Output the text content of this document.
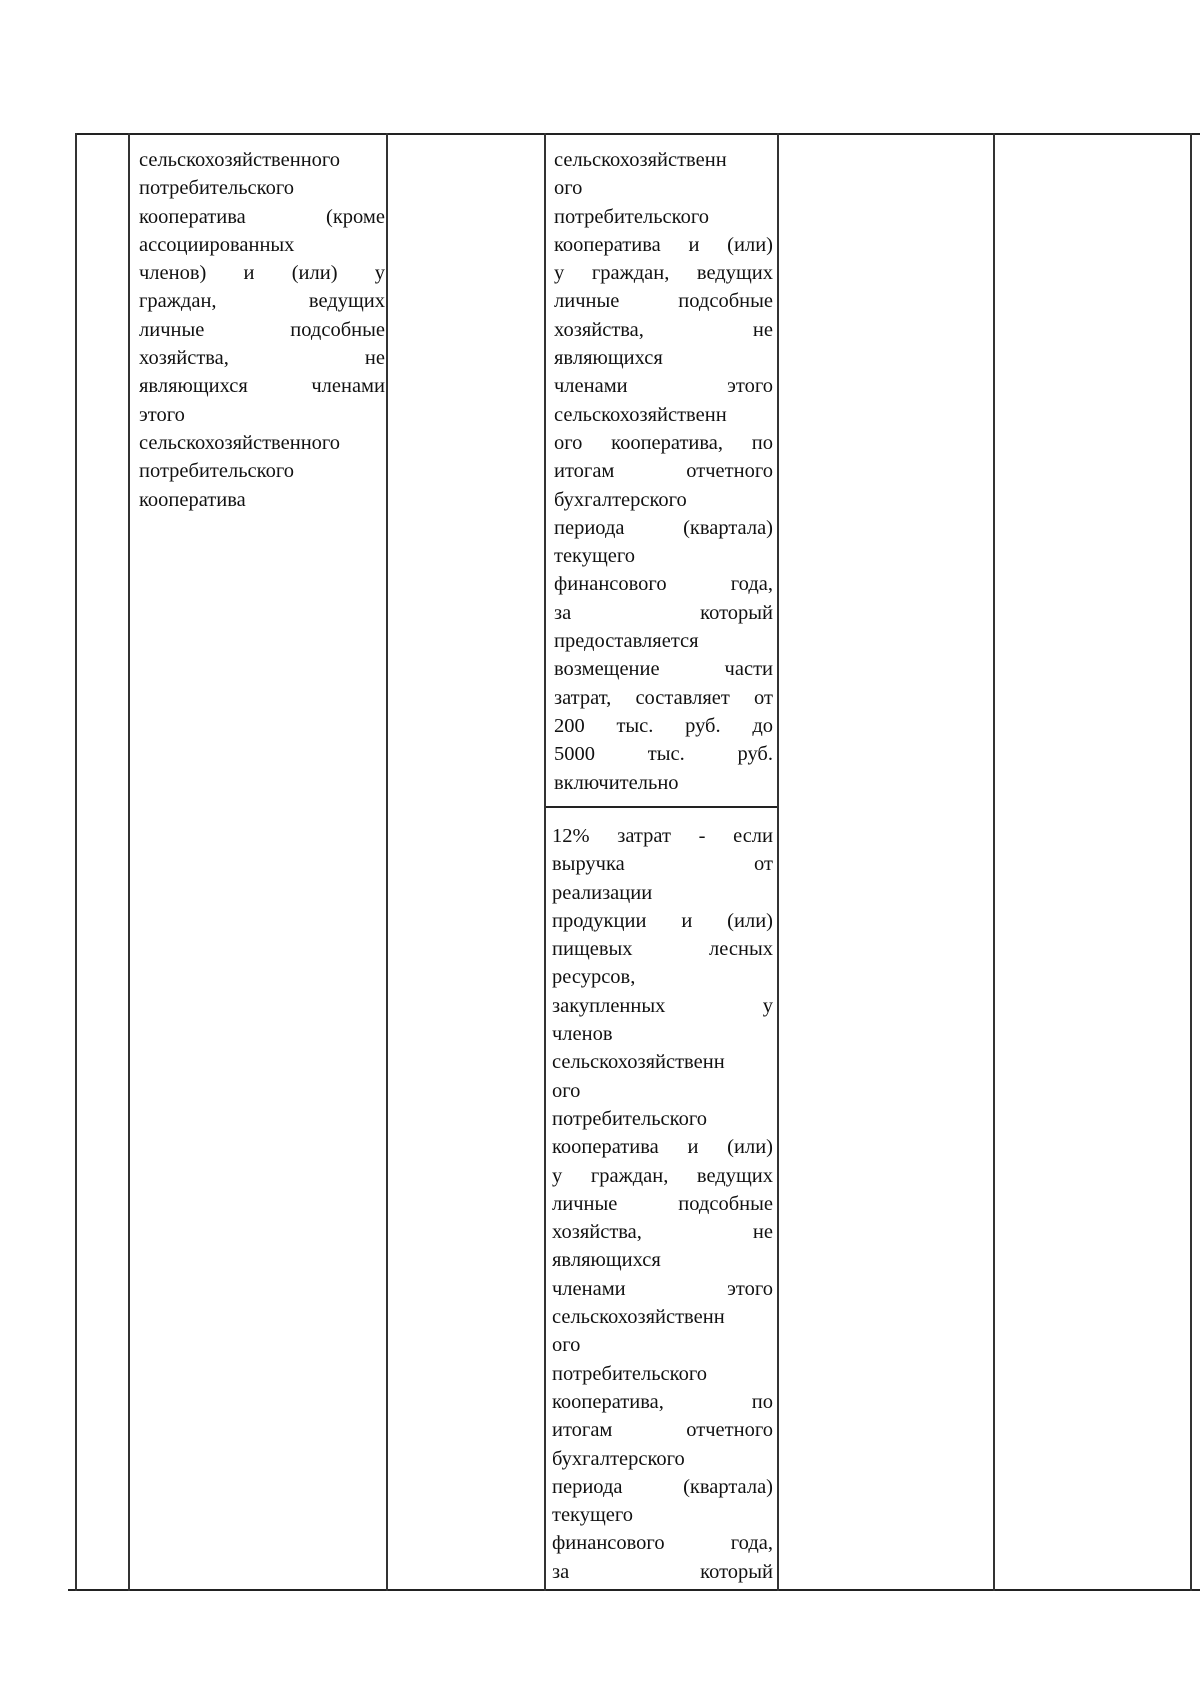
сельскохозяйственного
потребительского
кооператива (кроме
ассоциированных
членов) и (или) у
граждан, ведущих
личные подсобные
хозяйства, не
являющихся членами
этого
сельскохозяйственного
потребительского
кооператива
сельскохозяйственн
ого
потребительского
кооператива и (или)
у граждан, ведущих
личные подсобные
хозяйства, не
являющихся
членами этого
сельскохозяйственн
ого кооператива, по
итогам отчетного
бухгалтерского
периода (квартала)
текущего
финансового года,
за который
предоставляется
возмещение части
затрат, составляет от
200 тыс. руб. до
5000 тыс. руб.
включительно
12% затрат - если
выручка от
реализации
продукции и (или)
пищевых лесных
ресурсов,
закупленных у
членов
сельскохозяйственн
ого
потребительского
кооператива и (или)
у граждан, ведущих
личные подсобные
хозяйства, не
являющихся
членами этого
сельскохозяйственн
ого
потребительского
кооператива, по
итогам отчетного
бухгалтерского
периода (квартала)
текущего
финансового года,
за который
